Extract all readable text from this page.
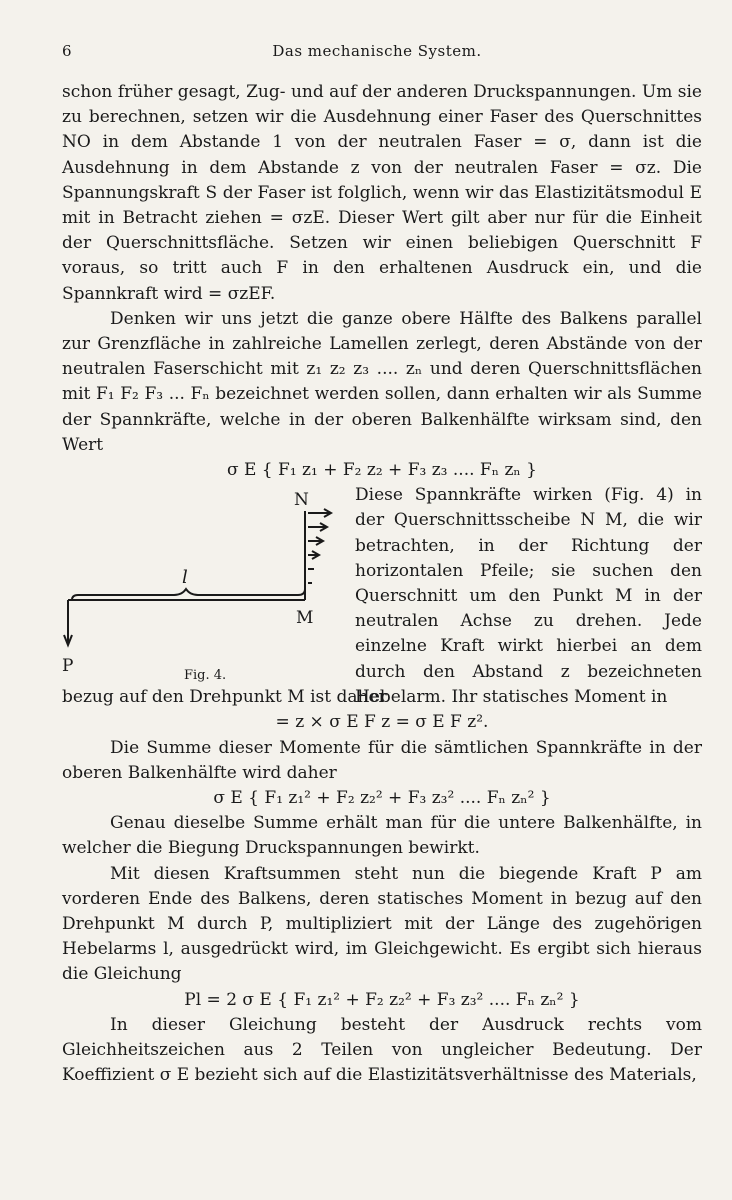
6	Das mechanische System.

schon früher gesagt, Zug- und auf der anderen Druckspannungen. Um sie zu berechnen, setzen wir die Ausdehnung einer Faser des Querschnittes NO in dem Abstande 1 von der neutralen Faser = σ, dann ist die Ausdehnung in dem Abstande z von der neutralen Faser = σz. Die Spannungskraft S der Faser ist folglich, wenn wir das Elastizitätsmodul E mit in Betracht ziehen = σzE. Dieser Wert gilt aber nur für die Einheit der Querschnittsfläche. Setzen wir einen beliebigen Querschnitt F voraus, so tritt auch F in den erhaltenen Ausdruck ein, und die Spannkraft wird = σzEF.

Denken wir uns jetzt die ganze obere Hälfte des Balkens parallel zur Grenzfläche in zahlreiche Lamellen zerlegt, deren Abstände von der neutralen Faserschicht mit z₁ z₂ z₃ .... zₙ und deren Querschnittsflächen mit F₁ F₂ F₃ ... Fₙ bezeichnet werden sollen, dann erhalten wir als Summe der Spannkräfte, welche in der oberen Balkenhälfte wirksam sind, den Wert

σ E { F₁ z₁ + F₂ z₂ + F₃ z₃ .... Fₙ zₙ }

N
M
l
P	Fig. 4.

Diese Spannkräfte wirken (Fig. 4) in der Querschnittsscheibe N M, die wir betrachten, in der Richtung der horizontalen Pfeile; sie suchen den Querschnitt um den Punkt M in der neutralen Achse zu drehen. Jede einzelne Kraft wirkt hierbei an dem durch den Abstand z bezeichneten Hebelarm. Ihr statisches Moment in

bezug auf den Drehpunkt M ist daher

= z × σ E F z = σ E F z².

Die Summe dieser Momente für die sämtlichen Spannkräfte in der oberen Balkenhälfte wird daher

σ E { F₁ z₁² + F₂ z₂² + F₃ z₃² .... Fₙ zₙ² }

Genau dieselbe Summe erhält man für die untere Balkenhälfte, in welcher die Biegung Druckspannungen bewirkt.

Mit diesen Kraftsummen steht nun die biegende Kraft P am vorderen Ende des Balkens, deren statisches Moment in bezug auf den Drehpunkt M durch P, multipliziert mit der Länge des zugehörigen Hebelarms l, ausgedrückt wird, im Gleichgewicht. Es ergibt sich hieraus die Gleichung

Pl = 2 σ E { F₁ z₁² + F₂ z₂² + F₃ z₃² .... Fₙ zₙ² }

In dieser Gleichung besteht der Ausdruck rechts vom Gleichheitszeichen aus 2 Teilen von ungleicher Bedeutung. Der Koeffizient σ E bezieht sich auf die Elastizitätsverhältnisse des Materials,
